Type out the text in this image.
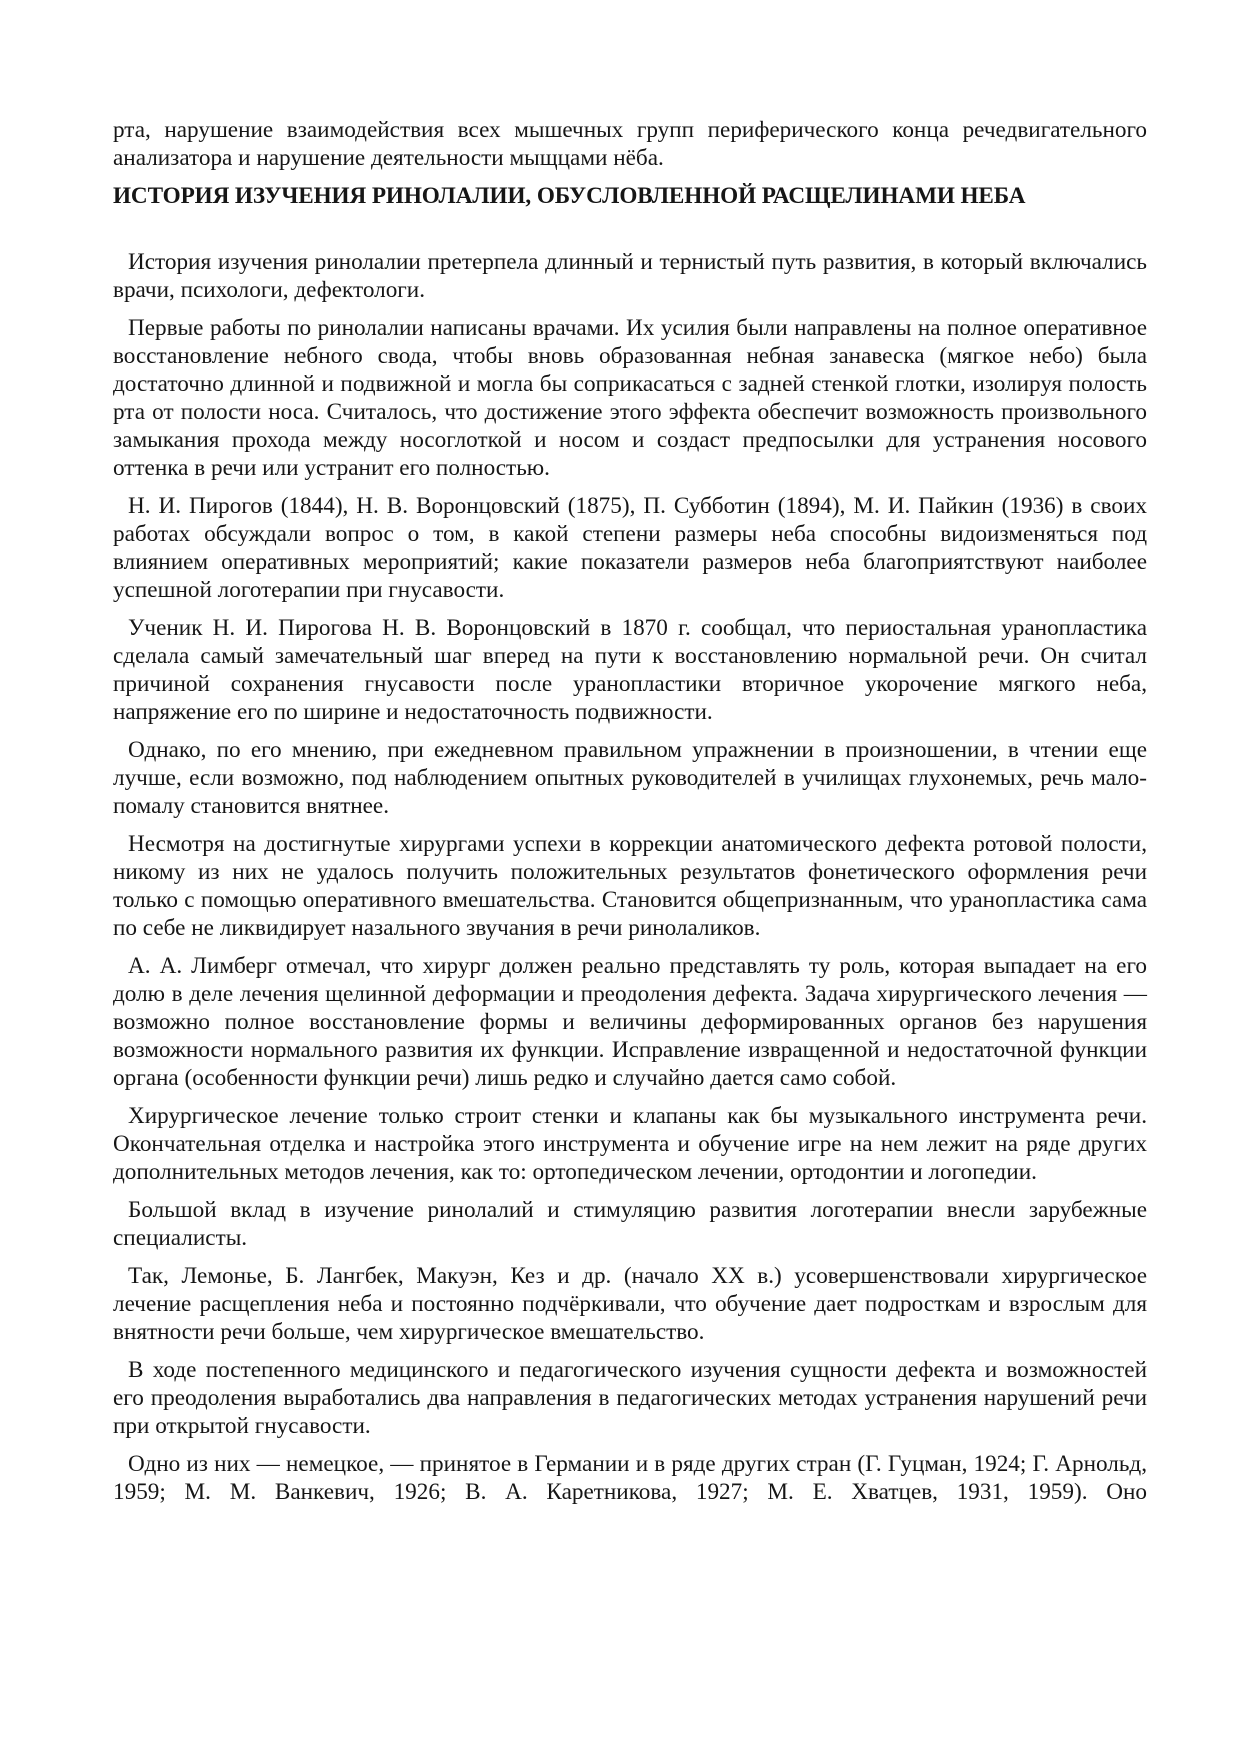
рта, нарушение взаимодействия всех мышечных групп периферического конца речедвигательного анализатора и нарушение деятельности мыщцами нёба.

ИСТОРИЯ ИЗУЧЕНИЯ РИНОЛАЛИИ, ОБУСЛОВЛЕННОЙ РАСЩЕЛИНАМИ НЕБА

История изучения ринолалии претерпела длинный и тернистый путь развития, в который включались врачи, психологи, дефектологи.

Первые работы по ринолалии написаны врачами. Их усилия были направлены на полное оперативное восстановление небного свода, чтобы вновь образованная небная занавеска (мягкое небо) была достаточно длинной и подвижной и могла бы соприкасаться с задней стенкой глотки, изолируя полость рта от полости носа. Считалось, что достижение этого эффекта обеспечит возможность произвольного замыкания прохода между носоглоткой и носом и создаст предпосылки для устранения носового оттенка в речи или устранит его полностью.

Н. И. Пирогов (1844), Н. В. Воронцовский (1875), П. Субботин (1894), М. И. Пайкин (1936) в своих работах обсуждали вопрос о том, в какой степени размеры неба способны видоизменяться под влиянием оперативных мероприятий; какие показатели размеров неба благоприятствуют наиболее успешной логотерапии при гнусавости.

Ученик Н. И. Пирогова Н. В. Воронцовский в 1870 г. сообщал, что периостальная уранопластика сделала самый замечательный шаг вперед на пути к восстановлению нормальной речи. Он считал причиной сохранения гнусавости после уранопластики вторичное укорочение мягкого неба, напряжение его по ширине и недостаточность подвижности.

Однако, по его мнению, при ежедневном правильном упражнении в произношении, в чтении еще лучше, если возможно, под наблюдением опытных руководителей в училищах глухонемых, речь мало-помалу становится внятнее.

Несмотря на достигнутые хирургами успехи в коррекции анатомического дефекта ротовой полости, никому из них не удалось получить положительных результатов фонетического оформления речи только с помощью оперативного вмешательства. Становится общепризнанным, что уранопластика сама по себе не ликвидирует назального звучания в речи ринолаликов.

А. А. Лимберг отмечал, что хирург должен реально представлять ту роль, которая выпадает на его долю в деле лечения щелинной деформации и преодоления дефекта. Задача хирургического лечения — возможно полное восстановление формы и величины деформированных органов без нарушения возможности нормального развития их функции. Исправление извращенной и недостаточной функции органа (особенности функции речи) лишь редко и случайно дается само собой.

Хирургическое лечение только строит стенки и клапаны как бы музыкального инструмента речи. Окончательная отделка и настройка этого инструмента и обучение игре на нем лежит на ряде других дополнительных методов лечения, как то: ортопедическом лечении, ортодонтии и логопедии.

Большой вклад в изучение ринолалий и стимуляцию развития логотерапии внесли зарубежные специалисты.

Так, Лемонье, Б. Лангбек, Макуэн, Кез и др. (начало XX в.) усовершенствовали хирургическое лечение расщепления неба и постоянно подчёркивали, что обучение дает подросткам и взрослым для внятности речи больше, чем хирургическое вмешательство.

В ходе постепенного медицинского и педагогического изучения сущности дефекта и возможностей его преодоления выработались два направления в педагогических методах устранения нарушений речи при открытой гнусавости.

Одно из них — немецкое, — принятое в Германии и в ряде других стран (Г. Гуцман, 1924; Г. Арнольд, 1959; М. М. Ванкевич, 1926; В. А. Каретникова, 1927; М. Е. Хватцев, 1931, 1959). Оно
